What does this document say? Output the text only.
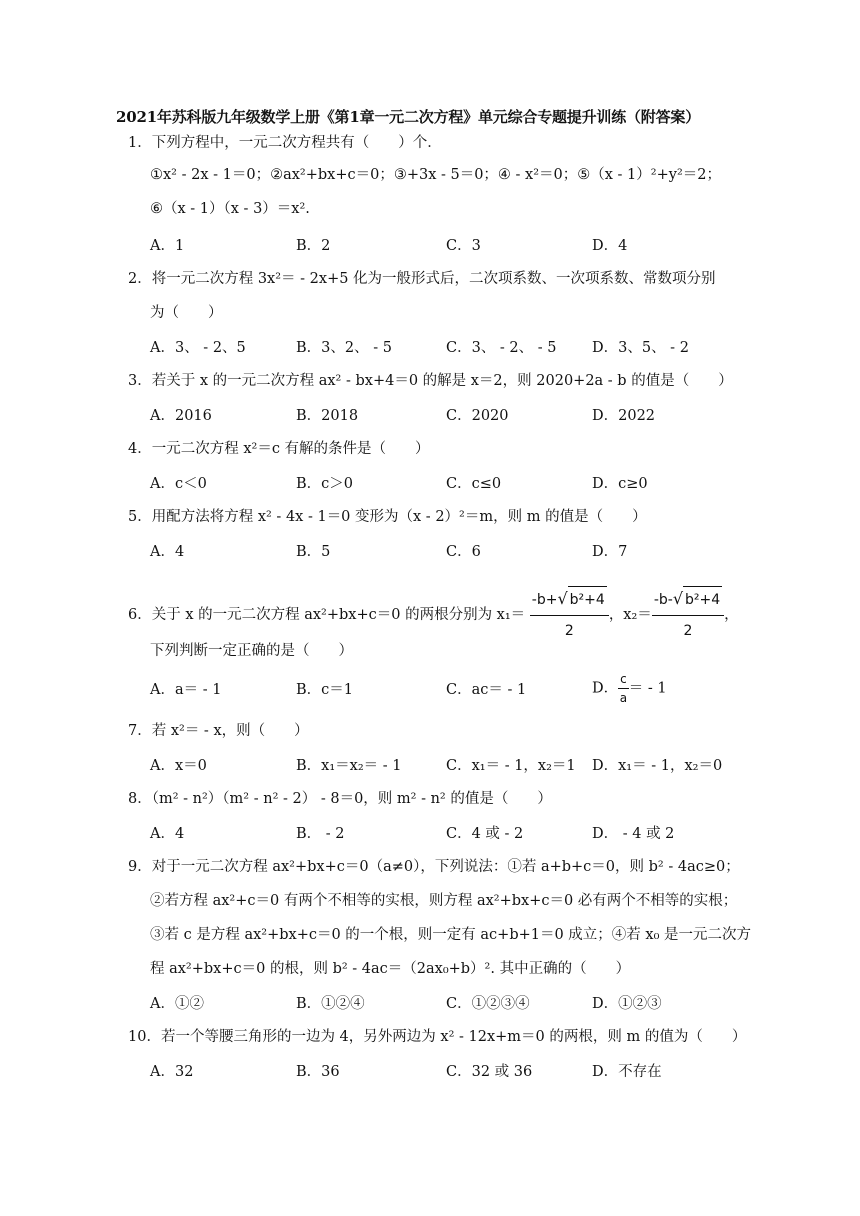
2021年苏科版九年级数学上册《第1章一元二次方程》单元综合专题提升训练（附答案）
1．下列方程中，一元二次方程共有（　　）个．
①x² - 2x - 1＝0；②ax²+bx+c＝0；③+3x - 5＝0；④ - x²＝0；⑤（x - 1）²+y²＝2；
⑥（x - 1）（x - 3）＝x².
A．1	B．2	C．3	D．4
2．将一元二次方程 3x²＝ - 2x+5 化为一般形式后，二次项系数、一次项系数、常数项分别
为（　　）
A．3、 - 2、5	B．3、2、 - 5	C．3、 - 2、 - 5 D．3、5、 - 2
3．若关于 x 的一元二次方程 ax² - bx+4＝0 的解是 x＝2，则 2020+2a - b 的值是（　　）
A．2016	B．2018	C．2020	D．2022
4．一元二次方程 x²＝c 有解的条件是（　　）
A．c＜0	B．c＞0	C．c≤0	D．c≥0
5．用配方法将方程 x² - 4x - 1＝0 变形为（x - 2）²＝m，则 m 的值是（　　）
A．4	B．5	C．6	D．7
6．关于 x 的一元二次方程 ax²+bx+c＝0 的两根分别为 $x_1= \frac{\text{-b+√ b²+4}}{2}$ ，$x_2= \frac{\text{-b-√ b²+4}}{2}$ ，
下列判断一定正确的是（　　）
A．a＝ - 1	B．c＝1	C．ac＝ - 1	D． $\frac{c}{a}$ ＝ - 1
7．若 x²＝ - x，则（　　）
A．x＝0	B．x₁＝x₂＝ - 1	C．x₁＝ - 1，x₂＝1 D．x₁＝ - 1，x₂＝0
8．（m² - n²）（m² - n² - 2） - 8＝0，则 m² - n² 的值是（　　）
A．4	B． - 2	C．4 或 - 2	D． - 4 或 2
9．对于一元二次方程 ax²+bx+c＝0（a≠0），下列说法：①若 a+b+c＝0，则 b² - 4ac≥0；
②若方程 ax²+c＝0 有两个不相等的实根，则方程 ax²+bx+c＝0 必有两个不相等的实根；
③若 c 是方程 ax²+bx+c＝0 的一个根，则一定有 ac+b+1＝0 成立；④若 x₀ 是一元二次方
程 ax²+bx+c＝0 的根，则 b² - 4ac＝（2ax₀+b）². 其中正确的（　　）
A．①②	B．①②④	C．①②③④	D．①②③
10．若一个等腰三角形的一边为 4，另外两边为 x² - 12x+m＝0 的两根，则 m 的值为（　　）
A．32	B．36	C．32 或 36	D．不存在
